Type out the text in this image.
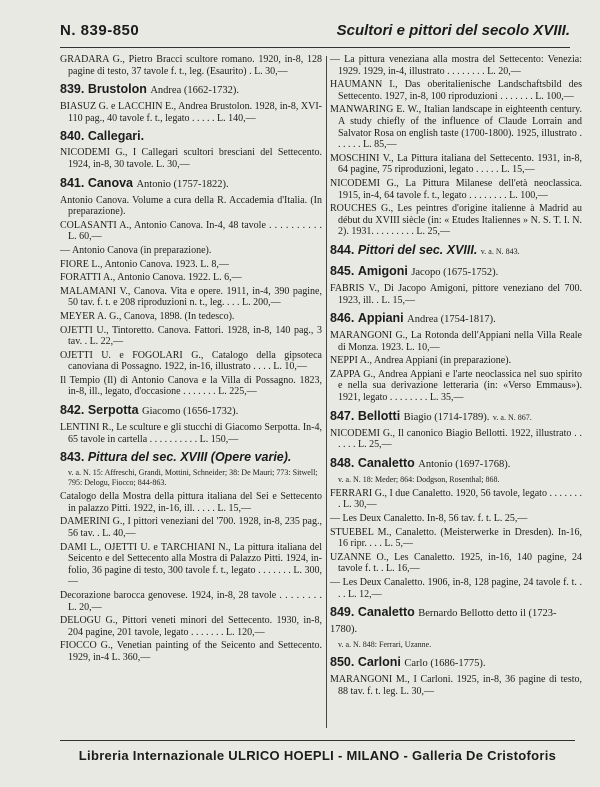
N. 839-850	Scultori e pittori del secolo XVIII.
GRADARA G., Pietro Bracci scultore romano. 1920, in-8, 128 pagine di testo, 37 tavole f. t., leg. (Esaurito) . L. 30,—
839. Brustolon Andrea (1662-1732).
BIASUZ G. e LACCHIN E., Andrea Brustolon. 1928, in-8, XVI-110 pag., 40 tavole f. t., legato . . . . . L. 140,—
840. Callegari.
NICODEMI G., I Callegari scultori bresciani del Settecento. 1924, in-8, 30 tavole. L. 30,—
841. Canova Antonio (1757-1822).
Antonio Canova. Volume a cura della R. Accademia d'Italia. (In preparazione).
COLASANTI A., Antonio Canova. In-4, 48 tavole . . . . . . . . . . L. 60,—
— Antonio Canova (in preparazione).
FIORE L., Antonio Canova. 1923. L. 8,—
FORATTI A., Antonio Canova. 1922. L. 6,—
MALAMANI V., Canova. Vita e opere. 1911, in-4, 390 pagine, 50 tav. f. t. e 208 riproduzioni n. t., leg. . . . L. 200,—
MEYER A. G., Canova, 1898. (In tedesco).
OJETTI U., Tintoretto. Canova. Fattori. 1928, in-8, 140 pag., 3 tav. . L. 22,—
OJETTI U. e FOGOLARI G., Catalogo della gipsoteca canoviana di Possagno. 1922, in-16, illustrato . . . . L. 10,—
Il Tempio (Il) di Antonio Canova e la Villa di Possagno. 1823, in-8, ill., legato, d'occasione . . . . . . . L. 225,—
842. Serpotta Giacomo (1656-1732).
LENTINI R., Le sculture e gli stucchi di Giacomo Serpotta. In-4, 65 tavole in cartella . . . . . . . . . . L. 150,—
843. Pittura del sec. XVIII (Opere varie).
v. a. N. 15: Affreschi, Grandi, Mottini, Schneider; 38: De Mauri; 773: Sitwell; 795: Delogu, Fiocco; 844-863.
Catalogo della Mostra della pittura italiana del Sei e Settecento in palazzo Pitti. 1922, in-16, ill. . . . . L. 15,—
DAMERINI G., I pittori veneziani del '700. 1928, in-8, 235 pag., 56 tav. . L. 40,—
DAMI L., OJETTI U. e TARCHIANI N., La pittura italiana del Seicento e del Settecento alla Mostra di Palazzo Pitti. 1924, in-folio, 36 pagine di testo, 300 tavole f. t., legato . . . . . . . L. 300,—
Decorazione barocca genovese. 1924, in-8, 28 tavole . . . . . . . . L. 20,—
DELOGU G., Pittori veneti minori del Settecento. 1930, in-8, 204 pagine, 201 tavole, legato . . . . . . . L. 120,—
FIOCCO G., Venetian painting of the Seicento and Settecento. 1929, in-4 L. 360,—
— La pittura veneziana alla mostra del Settecento: Venezia: 1929. 1929, in-4, illustrato . . . . . . . . L. 20,—
HAUMANN I., Das oberitalienische Landschaftsbild des Settecento. 1927, in-8, 100 riproduzioni . . . . . . . L. 100,—
MANWARING E. W., Italian landscape in eighteenth century. A study chiefly of the influence of Claude Lorrain and Salvator Rosa on english taste (1700-1800). 1925, illustrato . . . . . . L. 85,—
MOSCHINI V., La Pittura italiana del Settecento. 1931, in-8, 64 pagine, 75 riproduzioni, legato . . . . . L. 15,—
NICODEMI G., La Pittura Milanese dell'età neoclassica. 1915, in-4, 64 tavole f. t., legato . . . . . . . . L. 100,—
ROUCHES G., Les peintres d'origine italienne à Madrid au début du XVIII siècle (in: « Etudes Italiennes » N. S. T. I. N. 2). 1931. . . . . . . . . L. 25,—
844. Pittori del sec. XVIII. v. a. N. 843.
845. Amigoni Jacopo (1675-1752).
FABRIS V., Di Jacopo Amigoni, pittore veneziano del 700. 1923, ill. . L. 15,—
846. Appiani Andrea (1754-1817).
MARANGONI G., La Rotonda dell'Appiani nella Villa Reale di Monza. 1923. L. 10,—
NEPPI A., Andrea Appiani (in preparazione).
ZAPPA G., Andrea Appiani e l'arte neoclassica nel suo spirito e nella sua derivazione letteraria (in: «Verso Emmaus»). 1921, legato . . . . . . . . L. 35,—
847. Bellotti Biagio (1714-1789). v. a. N. 867.
NICODEMI G., Il canonico Biagio Bellotti. 1922, illustrato . . . . . . L. 25,—
848. Canaletto Antonio (1697-1768).
v. a. N. 18: Meder; 864: Dodgson, Rosenthal; 868.
FERRARI G., I due Canaletto. 1920, 56 tavole, legato . . . . . . . . L. 30,—
— Les Deux Canaletto. In-8, 56 tav. f. t. L. 25,—
STUEBEL M., Canaletto. (Meisterwerke in Dresden). In-16, 16 ripr. . . . L. 5,—
UZANNE O., Les Canaletto. 1925, in-16, 140 pagine, 24 tavole f. t. . L. 16,—
— Les Deux Canaletto. 1906, in-8, 128 pagine, 24 tavole f. t. . . . L. 12,—
849. Canaletto Bernardo Bellotto detto il (1723-1780).
v. a. N. 848: Ferrari, Uzanne.
850. Carloni Carlo (1686-1775).
MARANGONI M., I Carloni. 1925, in-8, 36 pagine di testo, 88 tav. f. t. leg. L. 30,—
Libreria Internazionale ULRICO HOEPLI - MILANO - Galleria De Cristoforis
